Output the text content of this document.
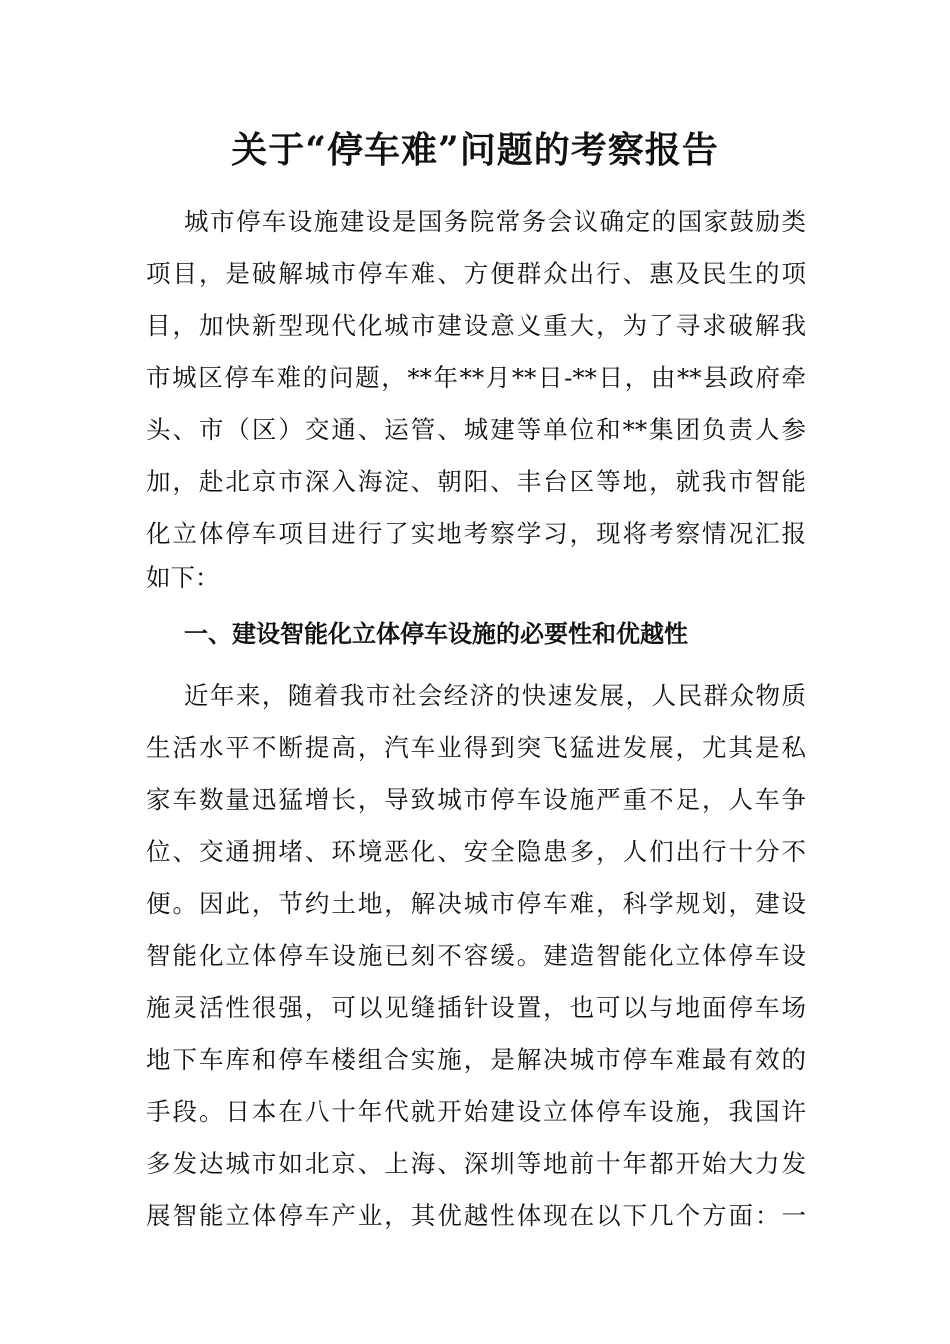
关于“停车难”问题的考察报告
城市停车设施建设是国务院常务会议确定的国家鼓励类
项目，是破解城市停车难、方便群众出行、惠及民生的项
目，加快新型现代化城市建设意义重大，为了寻求破解我
市城区停车难的问题，**年**月**日-**日，由**县政府牵
头、市（区）交通、运管、城建等单位和**集团负责人参
加，赴北京市深入海淀、朝阳、丰台区等地，就我市智能
化立体停车项目进行了实地考察学习，现将考察情况汇报
如下：
一、建设智能化立体停车设施的必要性和优越性
近年来，随着我市社会经济的快速发展，人民群众物质
生活水平不断提高，汽车业得到突飞猛进发展，尤其是私
家车数量迅猛增长，导致城市停车设施严重不足，人车争
位、交通拥堵、环境恶化、安全隐患多，人们出行十分不
便。因此，节约土地，解决城市停车难，科学规划，建设
智能化立体停车设施已刻不容缓。建造智能化立体停车设
施灵活性很强，可以见缝插针设置，也可以与地面停车场
地下车库和停车楼组合实施，是解决城市停车难最有效的
手段。日本在八十年代就开始建设立体停车设施，我国许
多发达城市如北京、上海、深圳等地前十年都开始大力发
展智能立体停车产业，其优越性体现在以下几个方面：一
